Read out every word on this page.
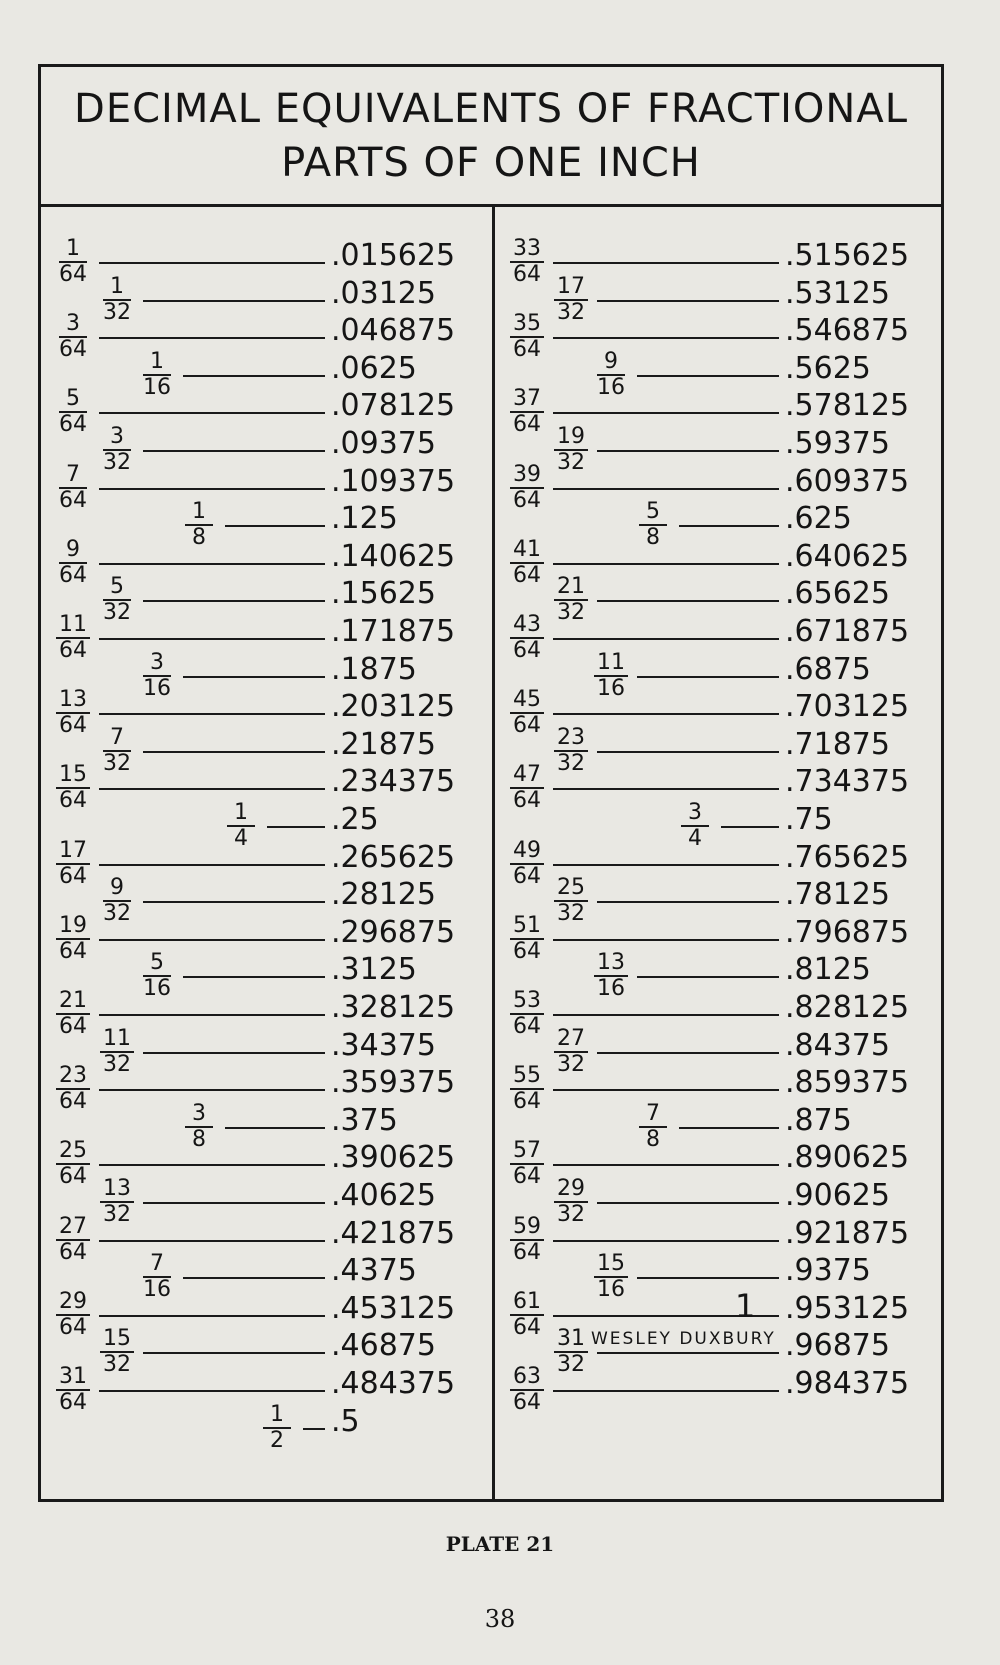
DECIMAL EQUIVALENTS OF FRACTIONAL
PARTS OF ONE INCH
$\frac{1}{64}$	.015625
$\frac{1}{32}$	.03125
$\frac{3}{64}$	.046875
$\frac{1}{16}$	.0625
$\frac{5}{64}$	.078125
$\frac{3}{32}$	.09375
$\frac{7}{64}$	.109375
$\frac{1}{8}$	.125
$\frac{9}{64}$	.140625
$\frac{5}{32}$	.15625
$\frac{11}{64}$	.171875
$\frac{3}{16}$	.1875
$\frac{13}{64}$	.203125
$\frac{7}{32}$	.21875
$\frac{15}{64}$	.234375
$\frac{1}{4} .25$
$\frac{17}{64}$	.265625
$\frac{9}{32}$	.28125
$\frac{19}{64}$	.296875
$\frac{5}{16}$	.3125
$\frac{21}{64}$	.328125
$\frac{11}{32}$	.34375
$\frac{23}{64}$	.359375
$\frac{3}{8}$	.375
$\frac{25}{64}$	.390625
$\frac{13}{32}$	.40625
$\frac{27}{64}$	.421875
$\frac{7}{16}$	.4375
$\frac{29}{64}$	.453125
$\frac{15}{32}$	.46875
$\frac{31}{64}$	.484375
$\frac{1}{2} .5$
$\frac{33}{64}$	.515625
$\frac{17}{32}$	.53125
$\frac{35}{64}$	.546875
$\frac{9}{16}$	.5625
$\frac{37}{64}$	.578125
$\frac{19}{32}$	.59375
$\frac{39}{64}$	.609375
$\frac{5}{8}$	.625
$\frac{41}{64}$	.640625
$\frac{21}{32}$	.65625
$\frac{43}{64}$	.671875
$\frac{11}{16}$	.6875
$\frac{45}{64}$	.703125
$\frac{23}{32}$	.71875
$\frac{47}{64}$	.734375
$\frac{3}{4} .75$
$\frac{49}{64}$	.765625
$\frac{25}{32}$	.78125
$\frac{51}{64}$	.796875
$\frac{13}{16}$	.8125
$\frac{53}{64}$	.828125
$\frac{27}{32}$	.84375
$\frac{55}{64}$	.859375
$\frac{7}{8}$	.875
$\frac{57}{64}$	.890625
$\frac{29}{32}$	.90625
$\frac{59}{64}$	.921875
$\frac{15}{16}$	.9375
$\frac{61}{64}$	.953125
$\frac{31}{32}$	.96875
$\frac{63}{64}$	.984375
1
WESLEY DUXBURY
PLATE 21
38
